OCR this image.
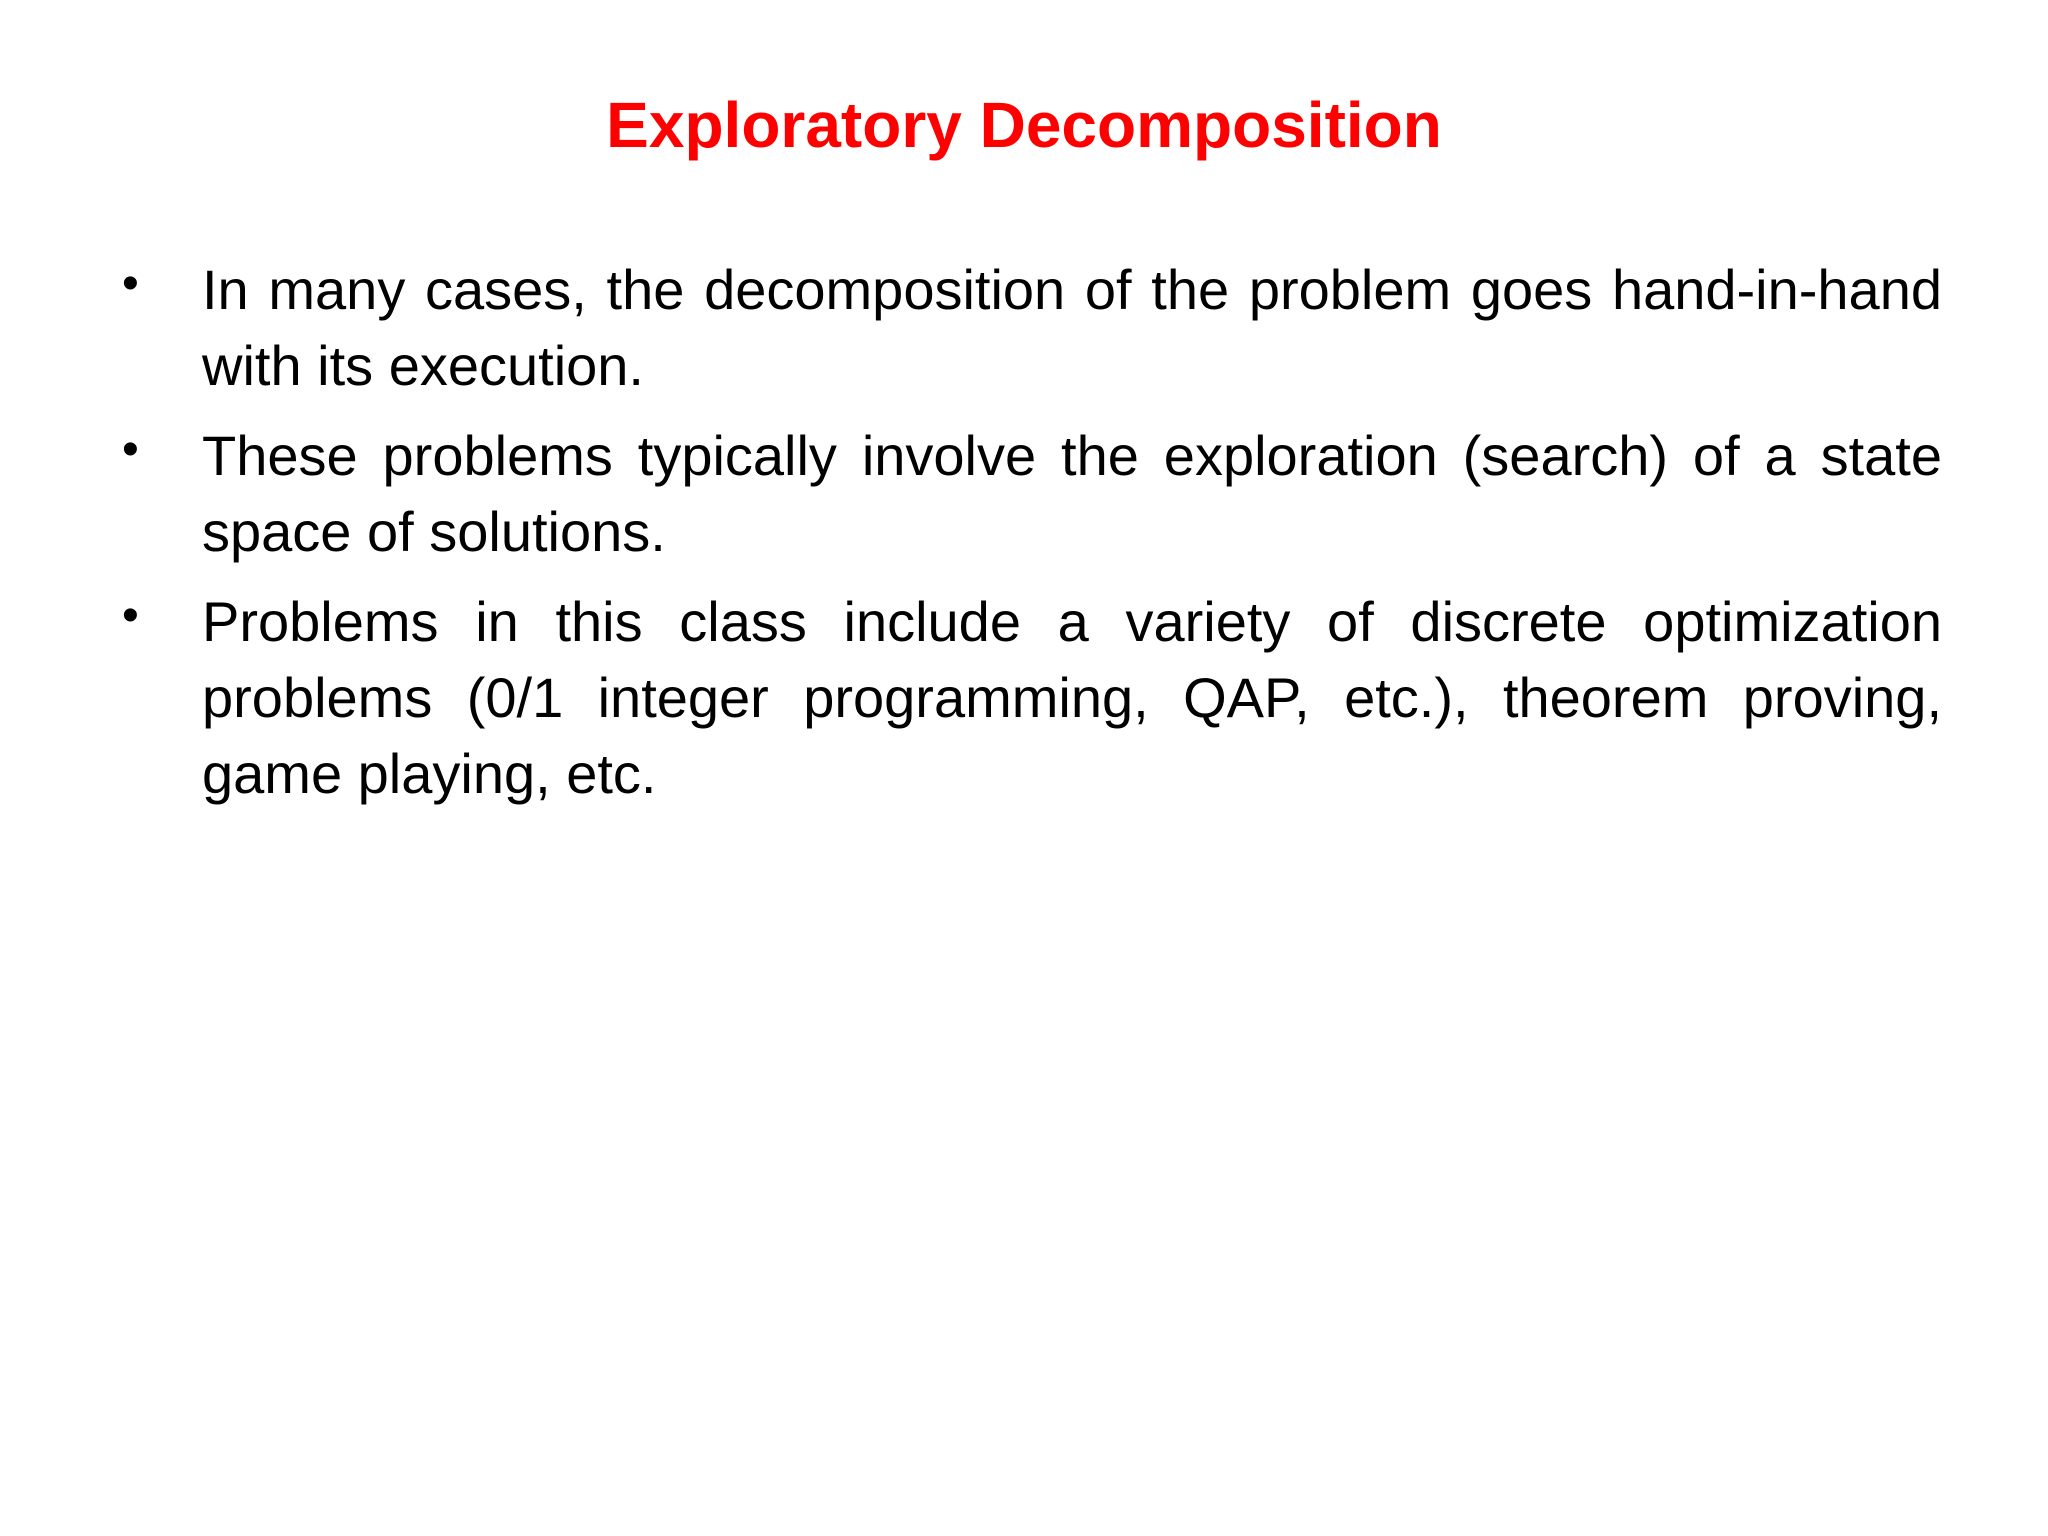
Exploratory Decomposition
• In many cases, the decomposition of the problem goes hand-in-hand with its execution.
• These problems typically involve the exploration (search) of a state space of solutions.
• Problems in this class include a variety of discrete optimization problems (0/1 integer programming, QAP, etc.), theorem proving, game playing, etc.
